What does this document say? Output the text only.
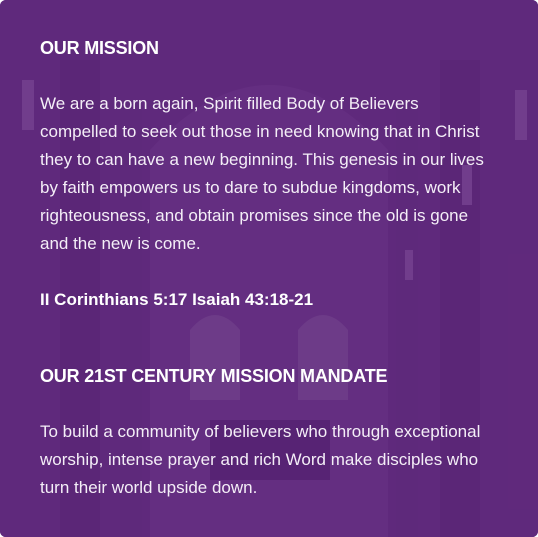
OUR MISSION

We are a born again, Spirit filled Body of Believers compelled to seek out those in need knowing that in Christ they to can have a new beginning. This genesis in our lives by faith empowers us to dare to subdue kingdoms, work righteousness, and obtain promises since the old is gone and the new is come.

II Corinthians 5:17 Isaiah 43:18-21

OUR 21ST CENTURY MISSION MANDATE

To build a community of believers who through exceptional worship, intense prayer and rich Word make disciples who turn their world upside down.
